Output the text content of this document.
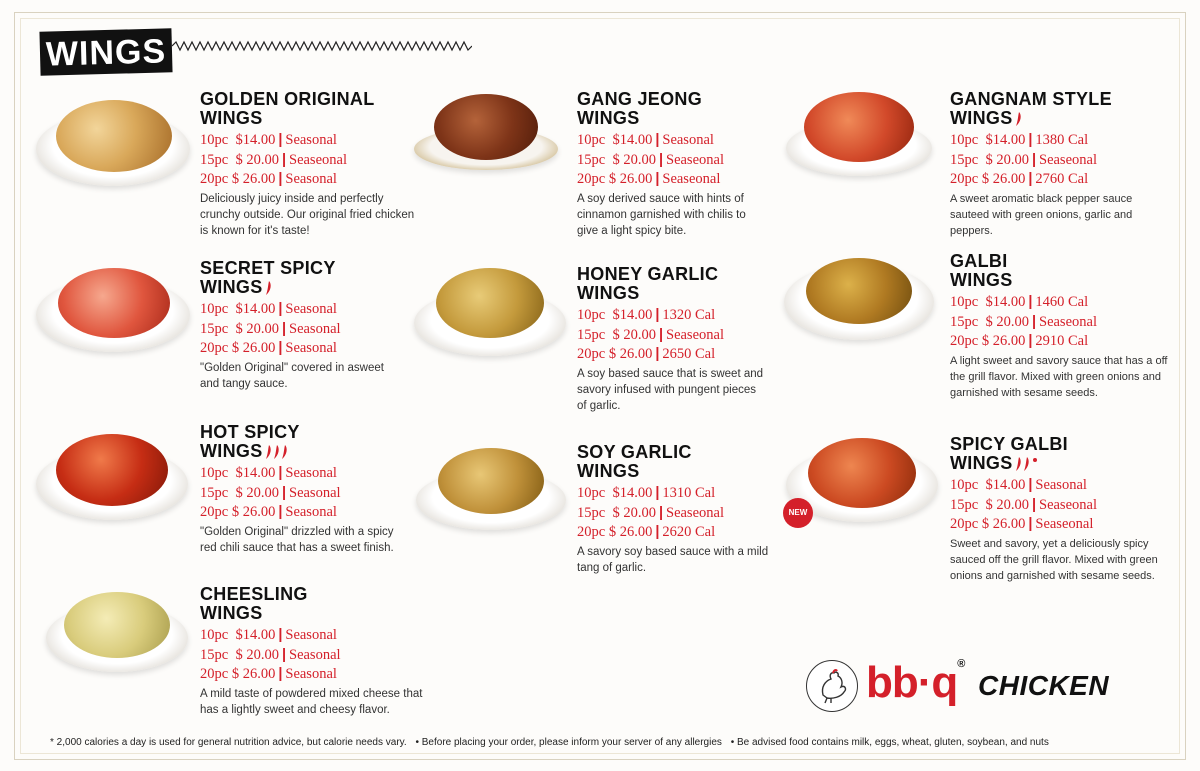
WINGS
NEW
GOLDEN ORIGINAL
WINGS
10pc $14.00 | Seasonal
15pc $ 20.00 | Seaseonal
20pc $ 26.00 | Seasonal
Deliciously juicy inside and perfectly crunchy outside. Our original fried chicken is known for it's taste!
SECRET SPICY
WINGS
10pc $14.00 | Seasonal
15pc $ 20.00 | Seasonal
20pc $ 26.00 | Seasonal
"Golden Original" covered in asweet and tangy sauce.
HOT SPICY
WINGS
10pc $14.00 | Seasonal
15pc $ 20.00 | Seasonal
20pc $ 26.00 | Seasonal
"Golden Original" drizzled with a spicy red chili sauce that has a sweet finish.
CHEESLING
WINGS
10pc $14.00 | Seasonal
15pc $ 20.00 | Seasonal
20pc $ 26.00 | Seasonal
A mild taste of powdered mixed cheese that has a lightly sweet and cheesy flavor.
GANG JEONG
WINGS
10pc $14.00 | Seasonal
15pc $ 20.00 | Seaseonal
20pc $ 26.00 | Seaseonal
A soy derived sauce with hints of cinnamon garnished with chilis to give a light spicy bite.
HONEY GARLIC
WINGS
10pc $14.00 | 1320 Cal
15pc $ 20.00 | Seaseonal
20pc $ 26.00 | 2650 Cal
A soy based sauce that is sweet and savory infused with pungent pieces of garlic.
SOY GARLIC
WINGS
10pc $14.00 | 1310 Cal
15pc $ 20.00 | Seaseonal
20pc $ 26.00 | 2620 Cal
A savory soy based sauce with a mild tang of garlic.
GANGNAM STYLE
WINGS
10pc $14.00 | 1380 Cal
15pc $ 20.00 | Seaseonal
20pc $ 26.00 | 2760 Cal
A sweet aromatic black pepper sauce sauteed with green onions, garlic and peppers.
GALBI
WINGS
10pc $14.00 | 1460 Cal
15pc $ 20.00 | Seaseonal
20pc $ 26.00 | 2910 Cal
A light sweet and savory sauce that has a off the grill flavor. Mixed with green onions and garnished with sesame seeds.
SPICY GALBI
WINGS
10pc $14.00 | Seasonal
15pc $ 20.00 | Seaseonal
20pc $ 26.00 | Seaseonal
Sweet and savory, yet a deliciously spicy sauced off the grill flavor. Mixed with green onions and garnished with sesame seeds.
bb·q®
CHICKEN
* 2,000 calories a day is used for general nutrition advice, but calorie needs vary. • Before placing your order, please inform your server of any allergies • Be advised food contains milk, eggs, wheat, gluten, soybean, and nuts
